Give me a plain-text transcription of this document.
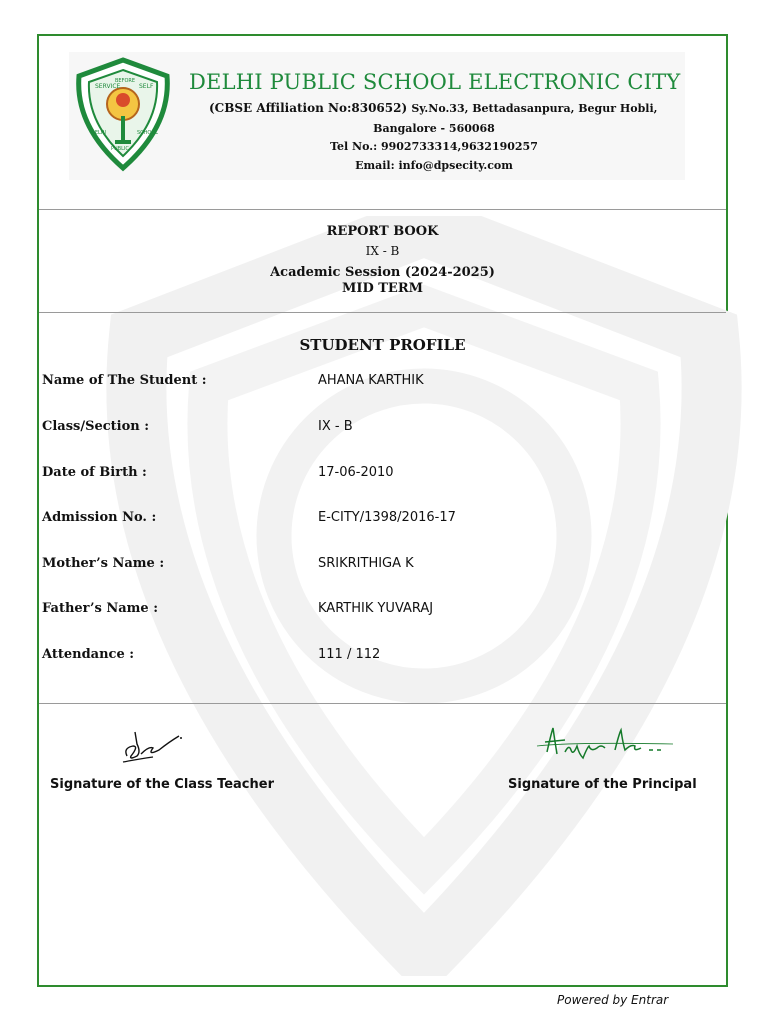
SERVICE
BEFORE
SELF
DELHI
PUBLIC
SCHOOL
DELHI PUBLIC SCHOOL ELECTRONIC CITY
(CBSE Affiliation No:830652) Sy.No.33, Bettadasanpura, Begur Hobli,
Bangalore - 560068
Tel No.: 9902733314,9632190257
Email: info@dpsecity.com
REPORT BOOK
IX - B
Academic Session (2024-2025)
MID TERM
STUDENT PROFILE
Name of The Student :	AHANA KARTHIK
Class/Section :	IX - B
Date of Birth :	17-06-2010
Admission No. :	E-CITY/1398/2016-17
Mother’s Name :	SRIKRITHIGA K
Father’s Name :	KARTHIK YUVARAJ
Attendance :	111 / 112
Signature of the Class Teacher	Signature of the Principal
Powered by Entrar
